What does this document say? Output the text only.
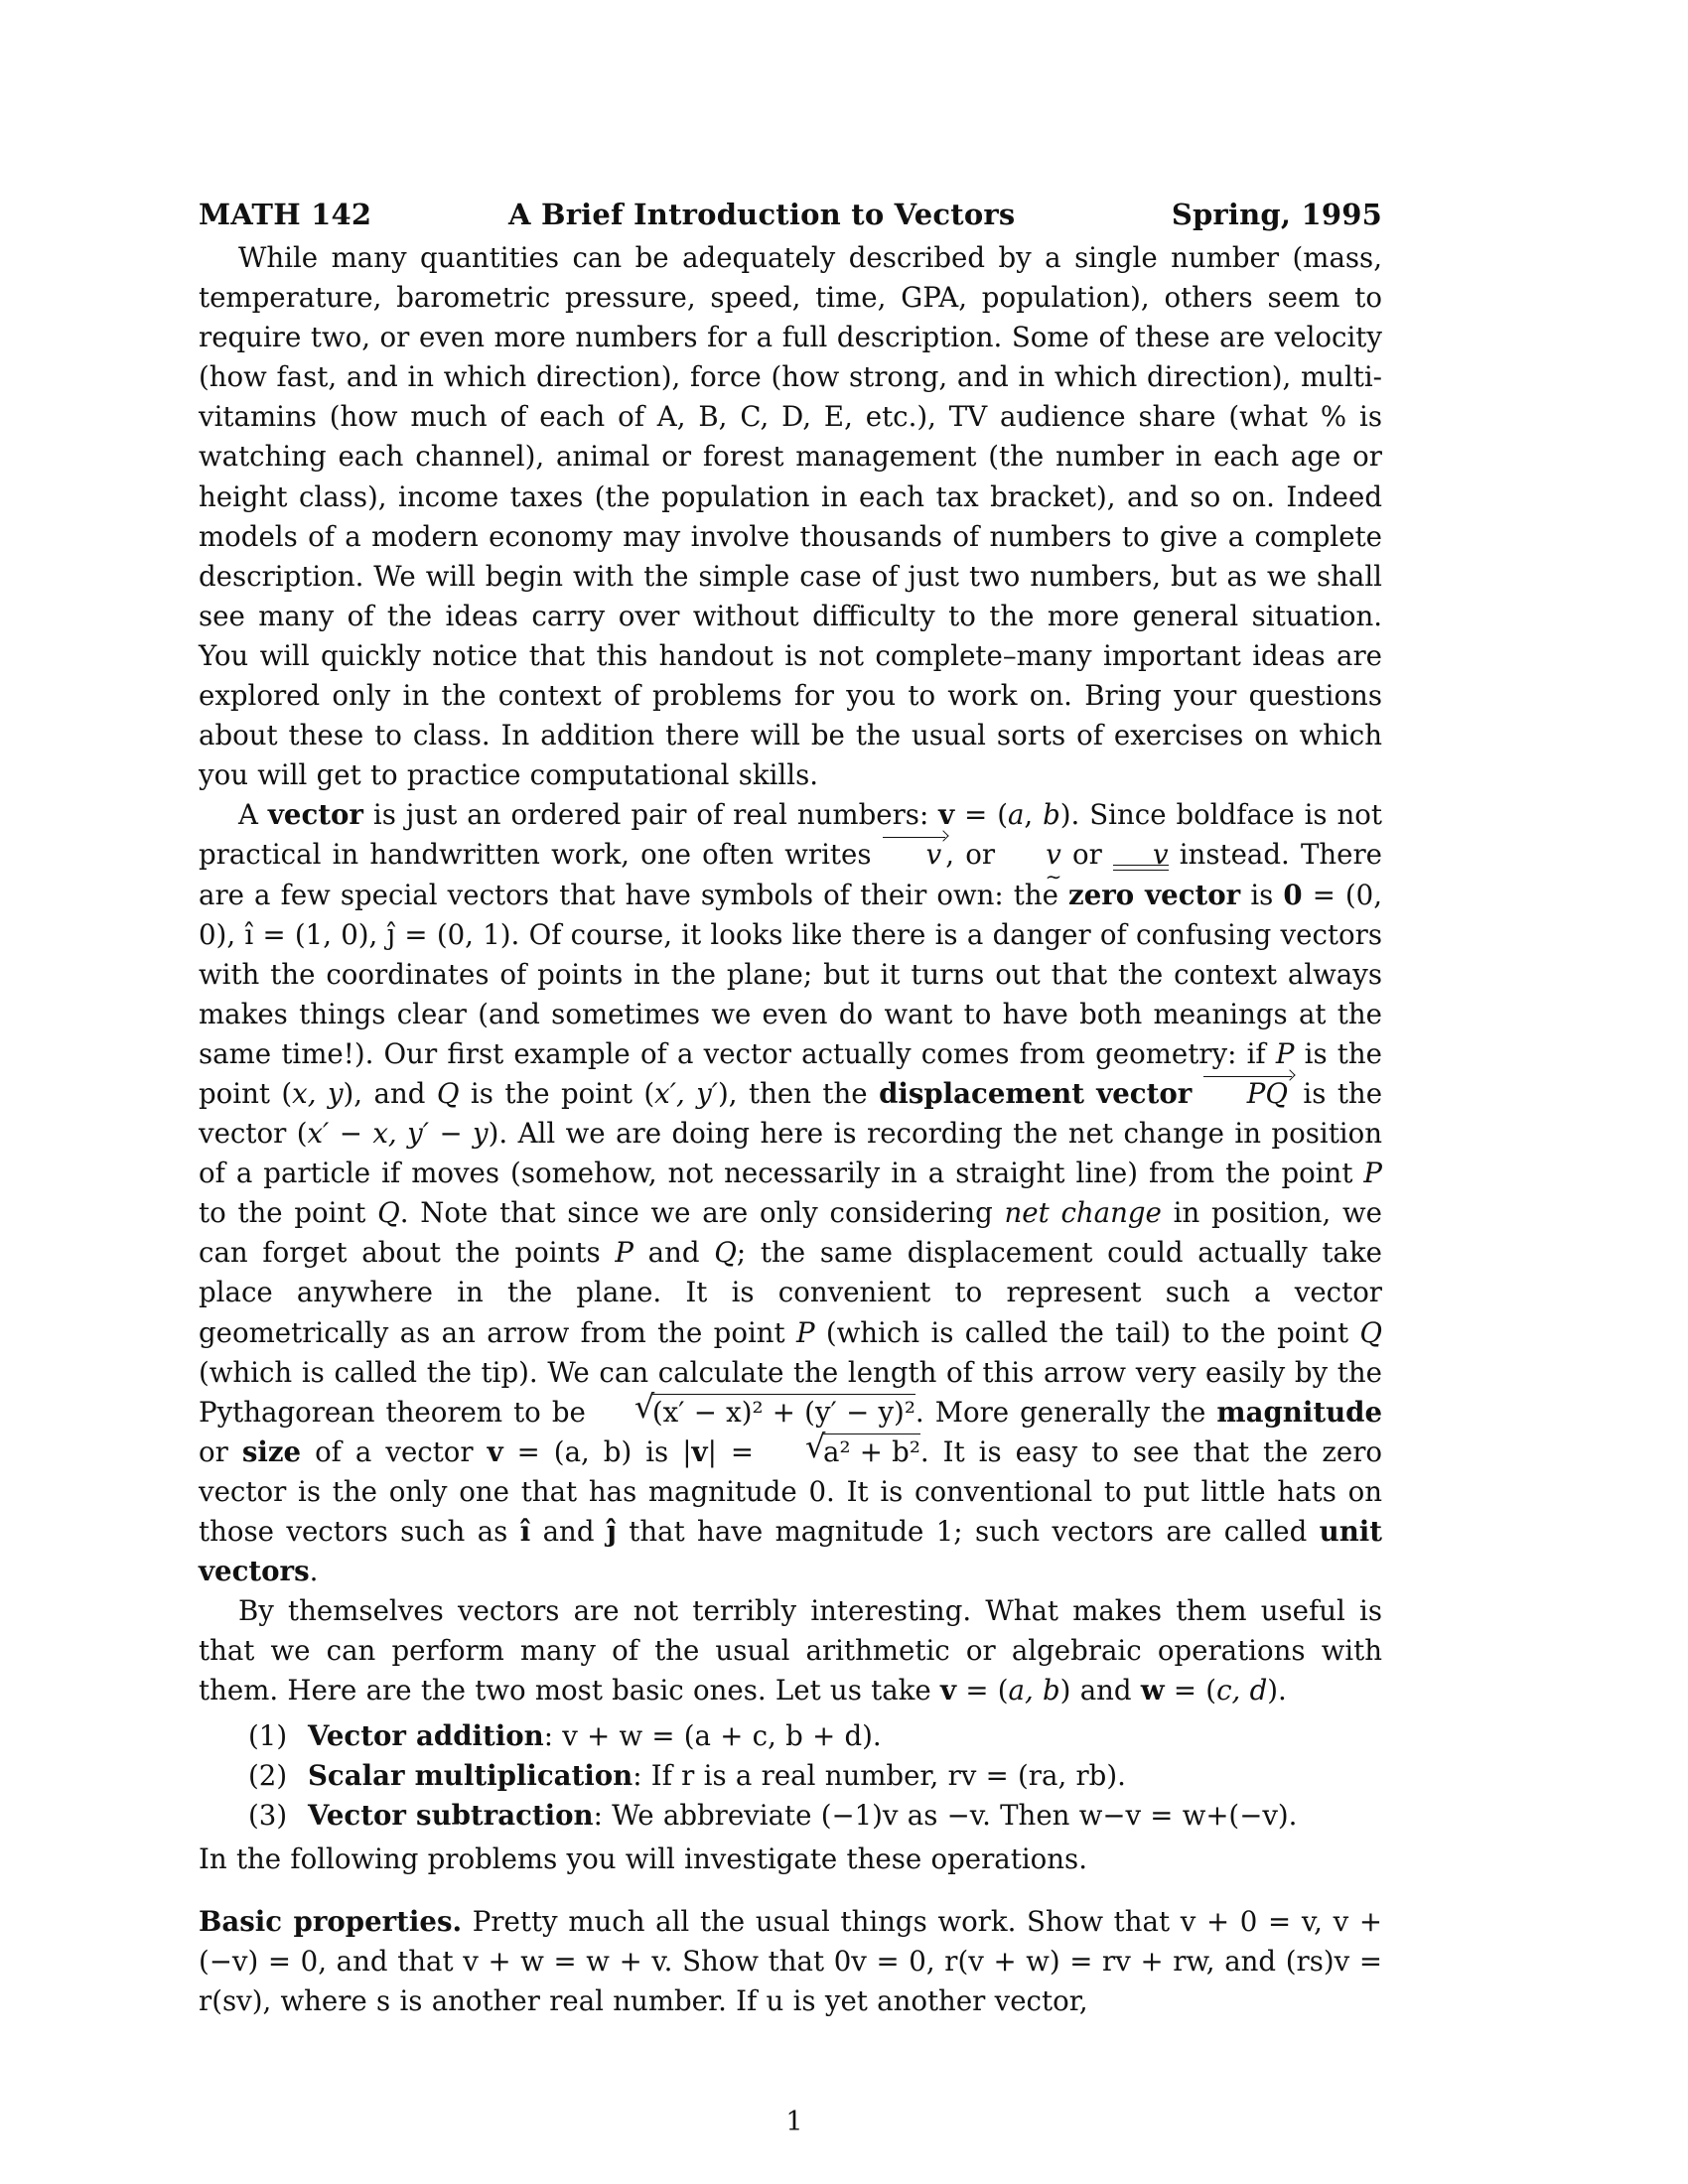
MATH 142	A Brief Introduction to Vectors	Spring, 1995

While many quantities can be adequately described by a single number (mass, temperature, barometric pressure, speed, time, GPA, population), others seem to require two, or even more numbers for a full description. Some of these are velocity (how fast, and in which direction), force (how strong, and in which direction), multi-vitamins (how much of each of A, B, C, D, E, etc.), TV audience share (what % is watching each channel), animal or forest management (the number in each age or height class), income taxes (the population in each tax bracket), and so on. Indeed models of a modern economy may involve thousands of numbers to give a complete description. We will begin with the simple case of just two numbers, but as we shall see many of the ideas carry over without difficulty to the more general situation. You will quickly notice that this handout is not complete–many important ideas are explored only in the context of problems for you to work on. Bring your questions about these to class. In addition there will be the usual sorts of exercises on which you will get to practice computational skills.

A vector is just an ordered pair of real numbers: v = (a, b). Since boldface is not practical in handwritten work, one often writes v , or v ∼ or v instead. There are a few special vectors that have symbols of their own: the zero vector is 0 = (0, 0), ı̂ = (1, 0), ȷ̂ = (0, 1). Of course, it looks like there is a danger of confusing vectors with the coordinates of points in the plane; but it turns out that the context always makes things clear (and sometimes we even do want to have both meanings at the same time!). Our first example of a vector actually comes from geometry: if P is the point (x, y), and Q is the point (x′, y′), then the displacement vector PQ is the vector (x′ − x, y′ − y). All we are doing here is recording the net change in position of a particle if moves (somehow, not necessarily in a straight line) from the point P to the point Q. Note that since we are only considering net change in position, we can forget about the points P and Q; the same displacement could actually take place anywhere in the plane. It is convenient to represent such a vector geometrically as an arrow from the point P (which is called the tail) to the point Q (which is called the tip). We can calculate the length of this arrow very easily by the Pythagorean theorem to be √ (x′ − x)² + (y′ − y)². More generally the magnitude or size of a vector v = (a, b) is |v| = √ a² + b². It is easy to see that the zero vector is the only one that has magnitude 0. It is conventional to put little hats on those vectors such as ı̂ and ȷ̂ that have magnitude 1; such vectors are called unit vectors.

By themselves vectors are not terribly interesting. What makes them useful is that we can perform many of the usual arithmetic or algebraic operations with them. Here are the two most basic ones. Let us take v = (a, b) and w = (c, d).

(1) Vector addition: v + w = (a + c, b + d).
(2) Scalar multiplication: If r is a real number, rv = (ra, rb).
(3) Vector subtraction: We abbreviate (−1)v as −v. Then w−v = w+(−v).

In the following problems you will investigate these operations.

Basic properties. Pretty much all the usual things work. Show that v + 0 = v, v + (−v) = 0, and that v + w = w + v. Show that 0v = 0, r(v + w) = rv + rw, and (rs)v = r(sv), where s is another real number. If u is yet another vector,

1
